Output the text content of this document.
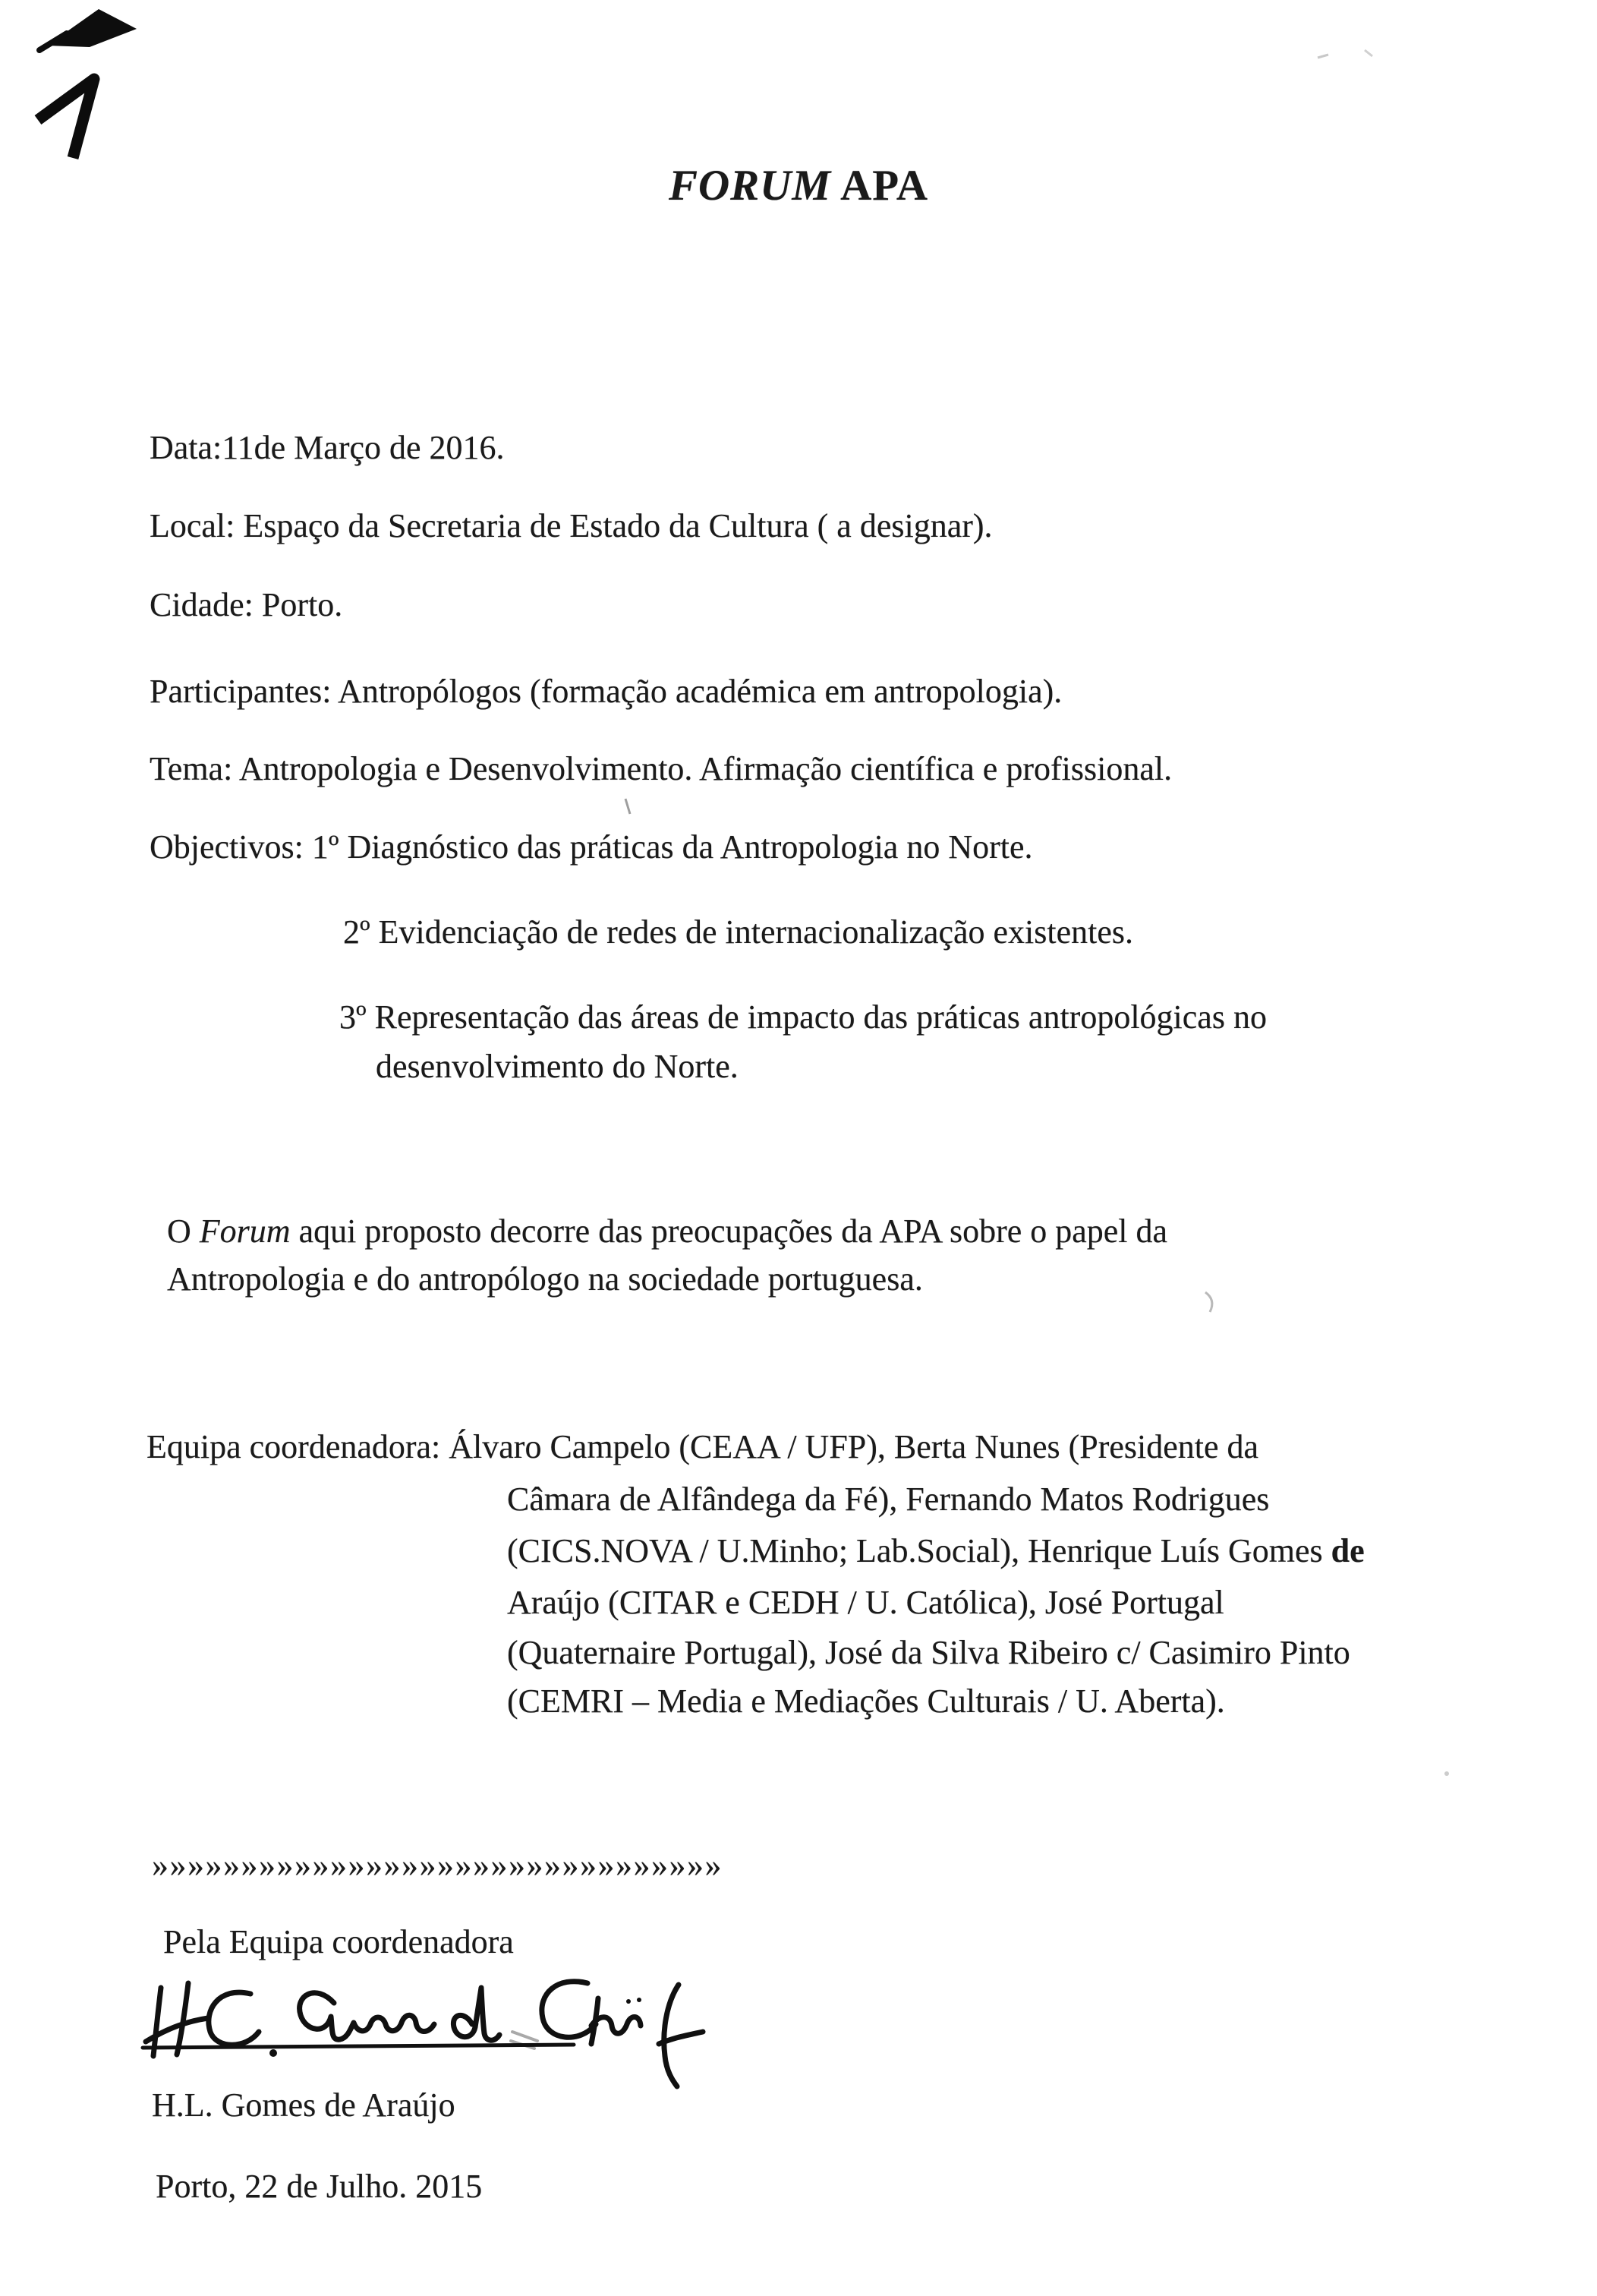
FORUM APA
Data:11de Março de 2016.
Local: Espaço da Secretaria de Estado da Cultura ( a designar).
Cidade: Porto.
Participantes: Antropólogos (formação académica em antropologia).
Tema: Antropologia e Desenvolvimento. Afirmação científica e profissional.
Objectivos: 1º Diagnóstico das práticas da Antropologia no Norte.
2º Evidenciação de redes de internacionalização existentes.
3º Representação das áreas de impacto das práticas antropológicas no
desenvolvimento do Norte.
O Forum aqui proposto decorre das preocupações da APA sobre o papel da
Antropologia e do antropólogo na sociedade portuguesa.
Equipa coordenadora: Álvaro Campelo (CEAA / UFP), Berta Nunes (Presidente da
Câmara de Alfândega da Fé), Fernando Matos Rodrigues
(CICS.NOVA / U.Minho; Lab.Social), Henrique Luís Gomes de
Araújo (CITAR e CEDH / U. Católica), José Portugal
(Quaternaire Portugal), José da Silva Ribeiro c/ Casimiro Pinto
(CEMRI – Media e Mediações Culturais / U. Aberta).
»»»»»»»»»»»»»»»»»»»»»»»»»»»»»»»»
Pela Equipa coordenadora
H.L. Gomes de Araújo
Porto, 22 de Julho. 2015
